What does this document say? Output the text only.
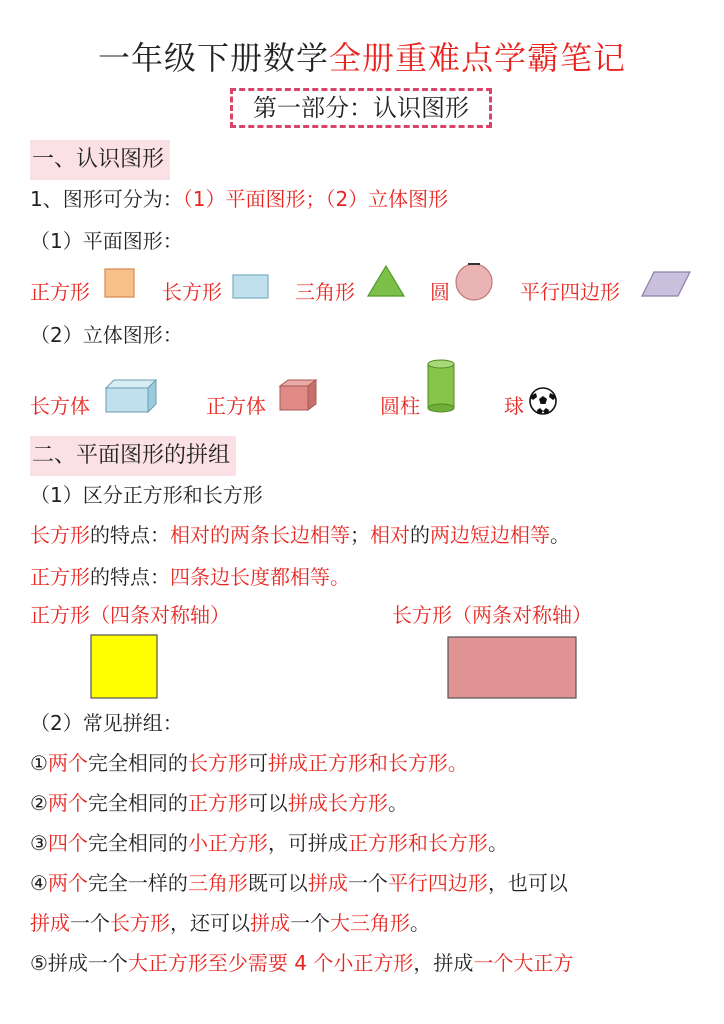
一年级下册数学全册重难点学霸笔记
第一部分：认识图形
一、认识图形
1、图形可分为：（1）平面图形；（2）立体图形
（1）平面图形：
正方形	长方形	三角形	圆	平行四边形
（2）立体图形：
长方体	正方体	圆柱	球
二、平面图形的拼组
（1）区分正方形和长方形
长方形的特点：相对的两条长边相等；相对的两边短边相等。
正方形的特点：四条边长度都相等。
正方形（四条对称轴）	长方形（两条对称轴）
（2）常见拼组：
①两个完全相同的长方形可拼成正方形和长方形。
②两个完全相同的正方形可以拼成长方形。
③四个完全相同的小正方形，可拼成正方形和长方形。
④两个完全一样的三角形既可以拼成一个平行四边形，也可以
拼成一个长方形，还可以拼成一个大三角形。
⑤拼成一个大正方形至少需要 4 个小正方形，拼成一个大正方
